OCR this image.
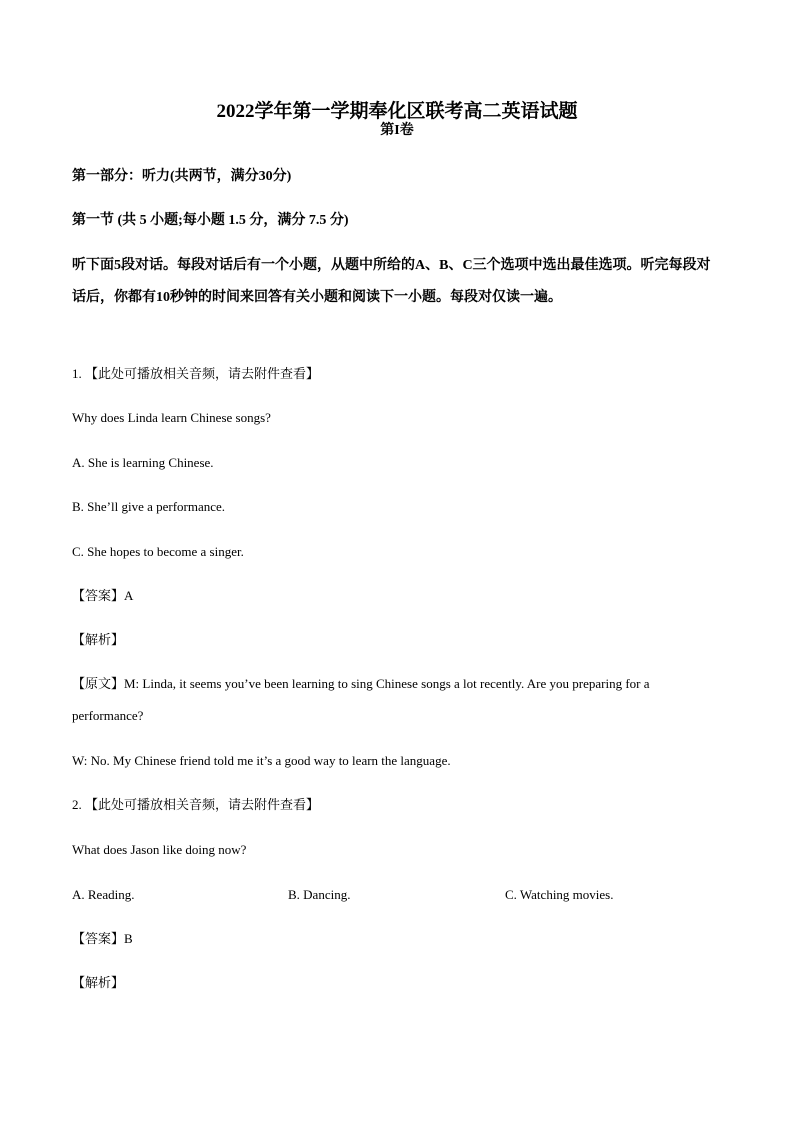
2022学年第一学期奉化区联考高二英语试题
第I卷
第一部分：听力(共两节，满分30分)
第一节 (共 5 小题;每小题 1.5 分，满分 7.5 分)
听下面5段对话。每段对话后有一个小题，从题中所给的A、B、C三个选项中选出最佳选项。听完每段对话后，你都有10秒钟的时间来回答有关小题和阅读下一小题。每段对仅读一遍。
1. 【此处可播放相关音频，请去附件查看】
Why does Linda learn Chinese songs?
A. She is learning Chinese.
B. She’ll give a performance.
C. She hopes to become a singer.
【答案】A
【解析】
【原文】M: Linda, it seems you’ve been learning to sing Chinese songs a lot recently. Are you preparing for a performance?
W: No. My Chinese friend told me it’s a good way to learn the language.
2. 【此处可播放相关音频，请去附件查看】
What does Jason like doing now?
A. Reading.	B. Dancing.	C. Watching movies.
【答案】B
【解析】
